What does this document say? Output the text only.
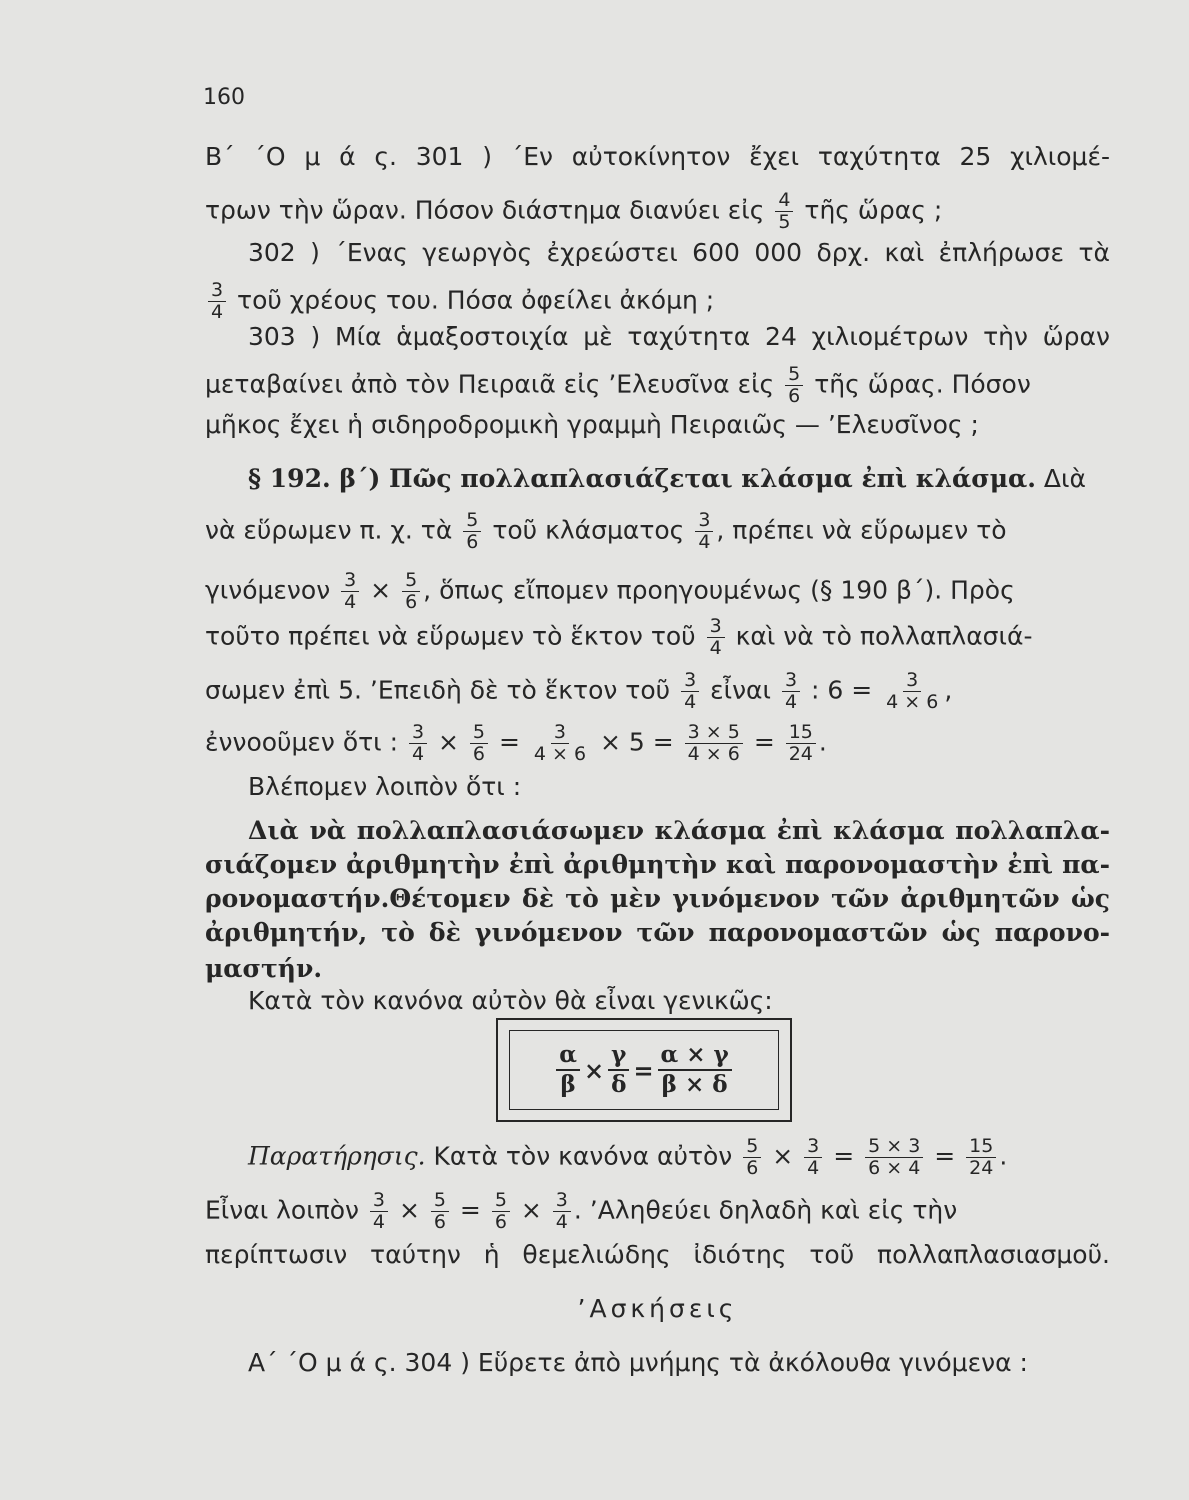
160
Β΄ ΄Ο μ ά ς. 301 ) ΄Εν αὐτοκίνητον ἔχει ταχύτητα 25 χιλιομέ-
τρων τὴν ὥραν. Πόσον διάστημα διανύει εἰς $\frac{4}{5}$ τῆς ὥρας ;
302 ) ΄Ενας γεωργὸς ἐχρεώστει 600 000 δρχ. καὶ ἐπλήρωσε τὰ
$\frac{3}{4}$ τοῦ χρέους του. Πόσα ὀφείλει ἀκόμη ;
303 ) Μία ἁμαξοστοιχία μὲ ταχύτητα 24 χιλιομέτρων τὴν ὥραν
μεταβαίνει ἀπὸ τὸν Πειραιᾶ εἰς ’Ελευσῖνα εἰς $\frac{5}{6}$ τῆς ὥρας. Πόσον
μῆκος ἔχει ἡ σιδηροδρομικὴ γραμμὴ Πειραιῶς — ’Ελευσῖνος ;
§ 192. β΄) Πῶς πολλαπλασιάζεται κλάσμα ἐπὶ κλάσμα. Διὰ
νὰ εὕρωμεν π. χ. τὰ $\frac{5}{6}$ τοῦ κλάσματος $\frac{3}{4}$ , πρέπει νὰ εὕρωμεν τὸ
γινόμενον $\frac{3}{4} \times \frac{5}{6}$ , ὅπως εἴπομεν προηγουμένως (§ 190 β΄). Πρὸς
τοῦτο πρέπει νὰ εὕρωμεν τὸ ἕκτον τοῦ $\frac{3}{4}$ καὶ νὰ τὸ πολλαπλασιά-
σωμεν ἐπὶ 5. ’Επειδὴ δὲ τὸ ἕκτον τοῦ $\frac{3}{4}$ εἶναι $\frac{3}{4}$ : $6 = \frac{3}{4 \times 6}$ ,
ἐννοοῦμεν ὅτι : $\frac{3}{4} \times \frac{5}{6} = \frac{3}{4 \times 6} \times 5 = \frac{3 \times 5}{4 \times 6} = \frac{15}{24}$ .
Βλέπομεν λοιπὸν ὅτι :
Διὰ νὰ πολλαπλασιάσωμεν κλάσμα ἐπὶ κλάσμα πολλαπλα-
σιάζομεν ἀριθμητὴν ἐπὶ ἀριθμητὴν καὶ παρονομαστὴν ἐπὶ πα-
ρονομαστήν.Θέτομεν δὲ τὸ μὲν γινόμενον τῶν ἀριθμητῶν ὡς
ἀριθμητήν, τὸ δὲ γινόμενον τῶν παρονομαστῶν ὡς παρονο-
μαστήν.
Κατὰ τὸν κανόνα αὐτὸν θὰ εἶναι γενικῶς:
$\frac{\alpha}{\beta} \times \frac{\gamma}{\delta} = \frac{\alpha \times \gamma}{\beta \times \delta}$
Παρατήρησις. Κατὰ τὸν κανόνα αὐτὸν $\frac{5}{6} \times \frac{3}{4} = \frac{5 \times 3}{6 \times 4} = \frac{15}{24}$ .
Εἶναι λοιπὸν $\frac{3}{4} \times \frac{5}{6} = \frac{5}{6} \times \frac{3}{4}$ . ’Αληθεύει δηλαδὴ καὶ εἰς τὴν
περίπτωσιν ταύτην ἡ θεμελιώδης ἰδιότης τοῦ πολλαπλασιασμοῦ.
’Ασκήσεις
Α΄ ΄Ο μ ά ς. 304 ) Εὕρετε ἀπὸ μνήμης τὰ ἀκόλουθα γινόμενα :
